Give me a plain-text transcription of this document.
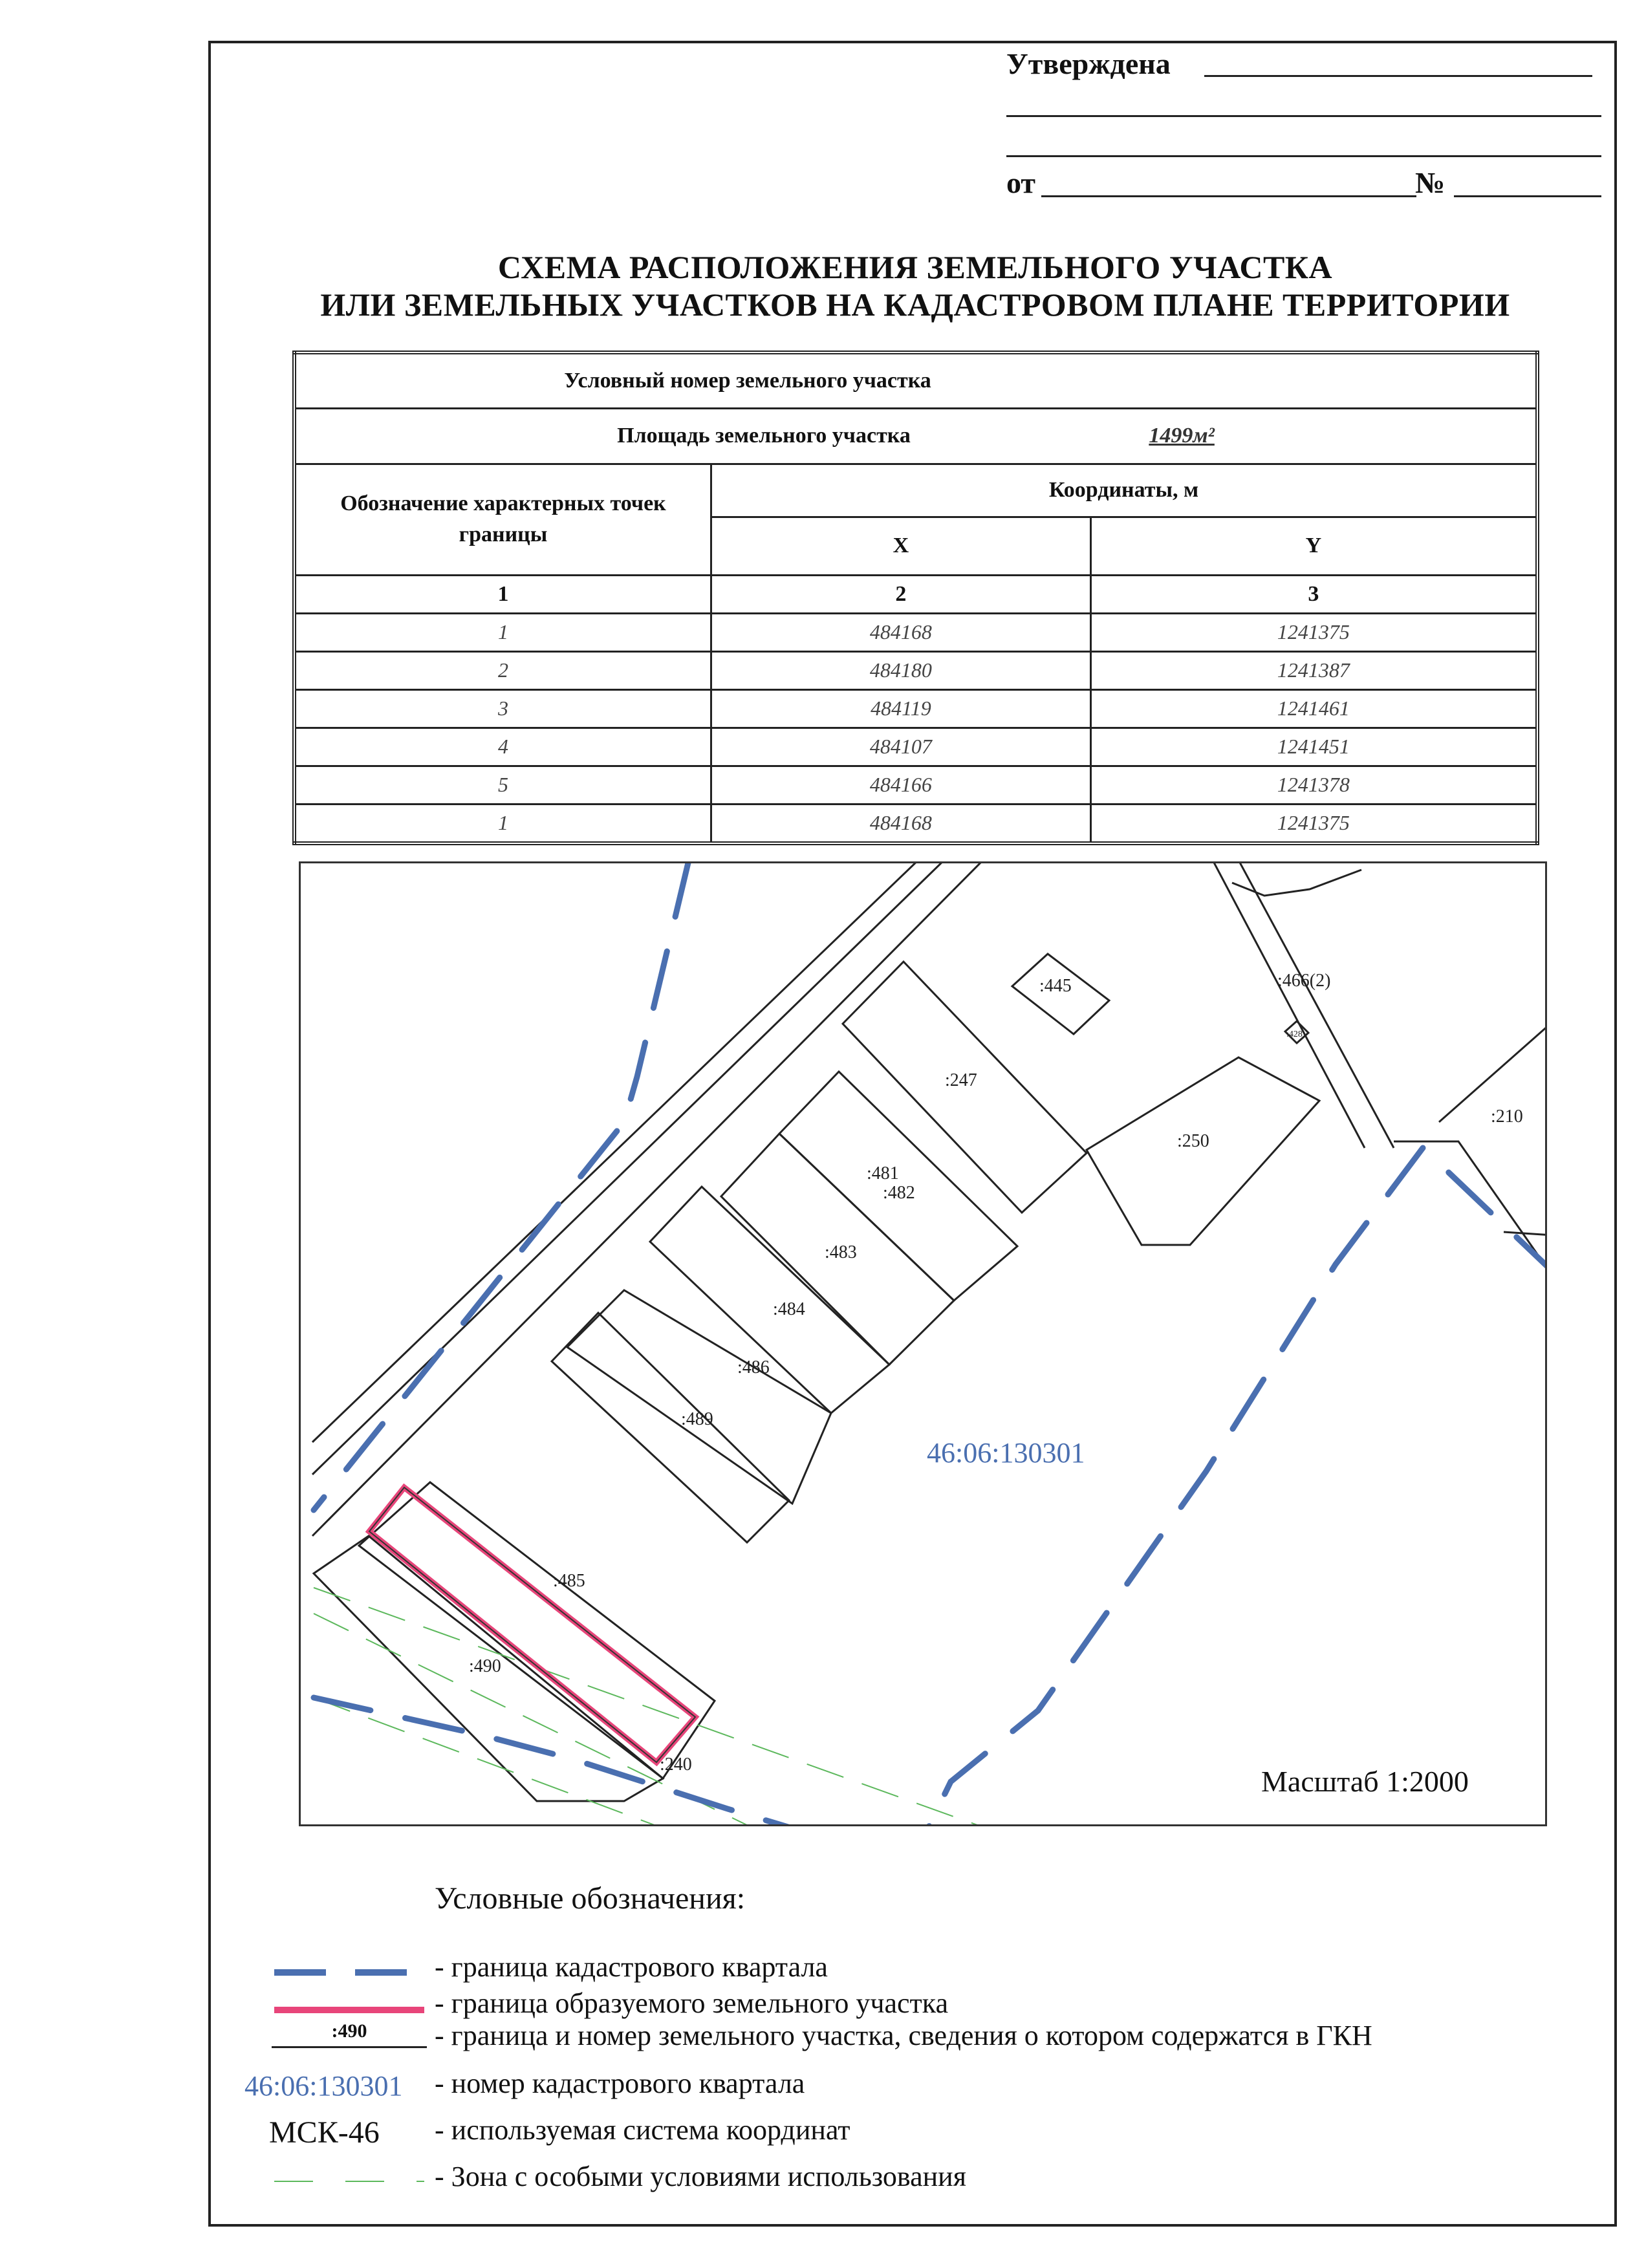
Утверждена
от	№
СХЕМА РАСПОЛОЖЕНИЯ ЗЕМЕЛЬНОГО УЧАСТКА
ИЛИ ЗЕМЕЛЬНЫХ УЧАСТКОВ НА КАДАСТРОВОМ ПЛАНЕ ТЕРРИТОРИИ
Условный номер земельного участка		
Площадь земельного участка 1499м²		
Обозначение характерных точек границы	Координаты, м	
	X	Y
1	2	3
1	484168	1241375
2	484180	1241387
3	484119	1241461
4	484107	1241451
5	484166	1241378
1	484168	1241375
:445	:466(2)
:428
:247
:210
:250
:481
:482
:483
:484
:486
:489
:485
:490
:240
46:06:130301
Масштаб 1:2000
Условные обозначения:
- граница кадастрового квартала
- граница образуемого земельного участка
:490	- граница и номер земельного участка, сведения о котором содержатся в ГКН
46:06:130301 - номер кадастрового квартала
МСК-46 - используемая система координат
- Зона с особыми условиями использования
